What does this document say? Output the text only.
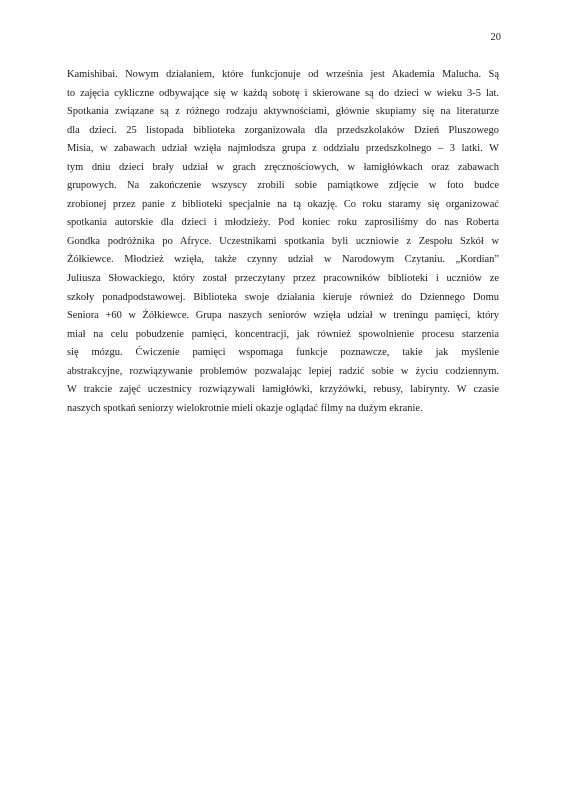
20
Kamishibai. Nowym działaniem, które funkcjonuje od września jest Akademia Malucha. Są
to zajęcia cykliczne odbywające się w każdą sobotę i skierowane są do dzieci w wieku 3-5 lat.
Spotkania związane są z różnego rodzaju aktywnościami, głównie skupiamy się na literaturze
dla dzieci. 25 listopada biblioteka zorganizowała dla przedszkolaków Dzień Pluszowego
Misia, w zabawach udział wzięła najmłodsza grupa z oddziału przedszkolnego – 3 latki. W
tym dniu dzieci brały udział w grach zręcznościowych, w łamigłówkach oraz zabawach
grupowych. Na zakończenie wszyscy zrobili sobie pamiątkowe zdjęcie w foto budce
zrobionej przez panie z biblioteki specjalnie na tą okazję. Co roku staramy się organizować
spotkania autorskie dla dzieci i młodzieży. Pod koniec roku zaprosiliśmy do nas Roberta
Gondka podróżnika po Afryce. Uczestnikami spotkania byli uczniowie z Zespołu Szkół w
Żółkiewce. Młodzież wzięła, także czynny udział w Narodowym Czytaniu. „Kordian”
Juliusza Słowackiego, który został przeczytany przez pracowników biblioteki i uczniów ze
szkoły ponadpodstawowej. Biblioteka swoje działania kieruje również do Dziennego Domu
Seniora +60 w Żółkiewce. Grupa naszych seniorów wzięła udział w treningu pamięci, który
miał na celu pobudzenie pamięci, koncentracji, jak również spowolnienie procesu starzenia
się mózgu. Ćwiczenie pamięci wspomaga funkcje poznawcze, takie jak myślenie
abstrakcyjne, rozwiązywanie problemów pozwalając lepiej radzić sobie w życiu codziennym.
W trakcie zajęć uczestnicy rozwiązywali łamigłówki, krzyżówki, rebusy, labirynty. W czasie
naszych spotkań seniorzy wielokrotnie mieli okazje oglądać filmy na dużym ekranie.
